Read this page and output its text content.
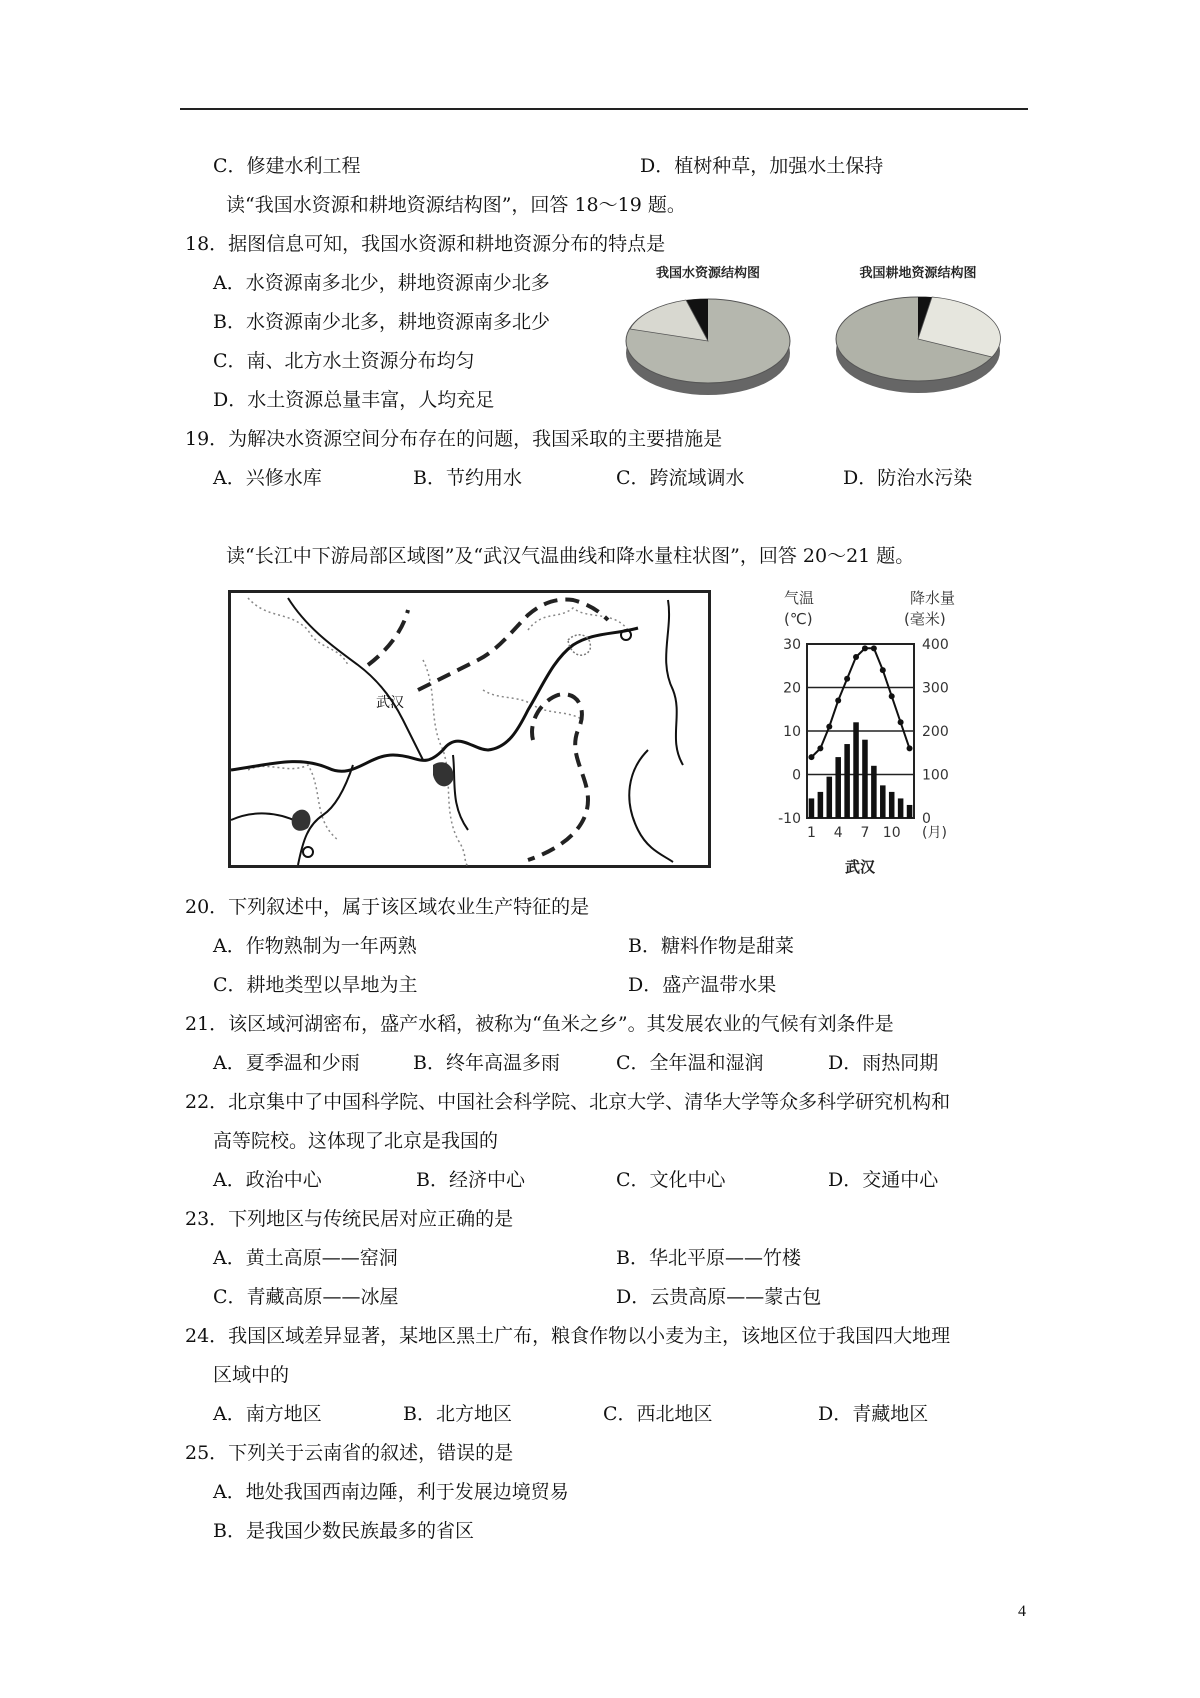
C．修建水利工程	D．植树种草，加强水土保持
读“我国水资源和耕地资源结构图”，回答 18～19 题。
18．据图信息可知，我国水资源和耕地资源分布的特点是
A．水资源南多北少，耕地资源南少北多
B．水资源南少北多，耕地资源南多北少
C．南、北方水土资源分布均匀
D．水土资源总量丰富，人均充足
我国水资源结构图	我国耕地资源结构图
19．为解决水资源空间分布存在的问题，我国采取的主要措施是
A．兴修水库	B．节约用水	C．跨流域调水	D．防治水污染
读“长江中下游局部区域图”及“武汉气温曲线和降水量柱状图”，回答 20～21 题。
武汉
气温
(℃)
降水量
(毫米)
30
20
10
0
-10
400
300
200
100
0
1 4 7 10 (月)
武汉
20．下列叙述中，属于该区域农业生产特征的是
A．作物熟制为一年两熟	B．糖料作物是甜菜
C．耕地类型以旱地为主	D．盛产温带水果
21．该区域河湖密布，盛产水稻，被称为“鱼米之乡”。其发展农业的气候有刘条件是
A．夏季温和少雨	B．终年高温多雨	C．全年温和湿润	D．雨热同期
22．北京集中了中国科学院、中国社会科学院、北京大学、清华大学等众多科学研究机构和
高等院校。这体现了北京是我国的
A．政治中心	B．经济中心	C．文化中心	D．交通中心
23．下列地区与传统民居对应正确的是
A．黄土高原——窑洞	B．华北平原——竹楼
C．青藏高原——冰屋	D．云贵高原——蒙古包
24．我国区域差异显著，某地区黑土广布，粮食作物以小麦为主，该地区位于我国四大地理
区域中的
A．南方地区	B．北方地区	C．西北地区	D．青藏地区
25．下列关于云南省的叙述，错误的是
A．地处我国西南边陲，利于发展边境贸易
B．是我国少数民族最多的省区
4
